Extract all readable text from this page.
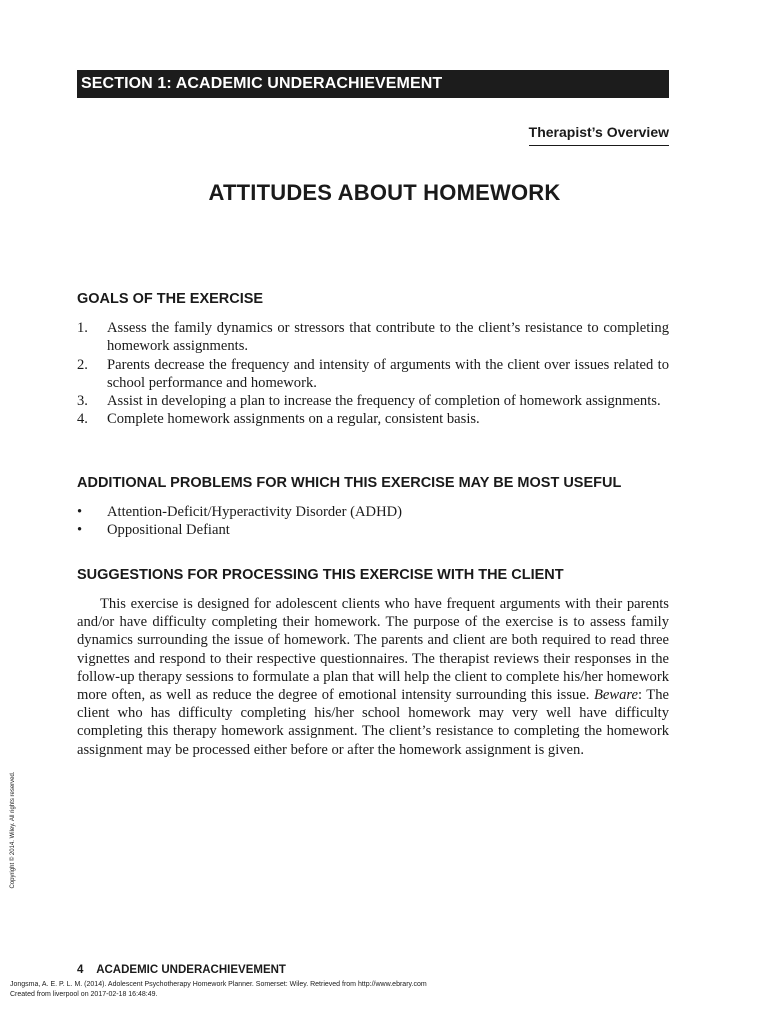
SECTION 1: ACADEMIC UNDERACHIEVEMENT
Therapist’s Overview
ATTITUDES ABOUT HOMEWORK
GOALS OF THE EXERCISE
1. Assess the family dynamics or stressors that contribute to the client’s resistance to completing homework assignments.
2. Parents decrease the frequency and intensity of arguments with the client over issues related to school performance and homework.
3. Assist in developing a plan to increase the frequency of completion of homework assignments.
4. Complete homework assignments on a regular, consistent basis.
ADDITIONAL PROBLEMS FOR WHICH THIS EXERCISE MAY BE MOST USEFUL
• Attention-Deficit/Hyperactivity Disorder (ADHD)
• Oppositional Defiant
SUGGESTIONS FOR PROCESSING THIS EXERCISE WITH THE CLIENT

This exercise is designed for adolescent clients who have frequent arguments with their parents and/or have difficulty completing their homework. The purpose of the exercise is to assess family dynamics surrounding the issue of homework. The parents and client are both required to read three vignettes and respond to their respective questionnaires. The therapist reviews their responses in the follow-up therapy sessions to formulate a plan that will help the client to complete his/her homework more often, as well as reduce the degree of emotional intensity surrounding this issue. Beware: The client who has difficulty completing his/her school homework may very well have difficulty completing this therapy homework assignment. The client’s resistance to completing the homework assignment may be processed either before or after the homework assignment is given.

Copyright © 2014. Wiley. All rights reserved.
4 ACADEMIC UNDERACHIEVEMENT
Jongsma, A. E. P. L. M. (2014). Adolescent Psychotherapy Homework Planner. Somerset: Wiley. Retrieved from http://www.ebrary.com
Created from liverpool on 2017-02-18 16:48:49.
